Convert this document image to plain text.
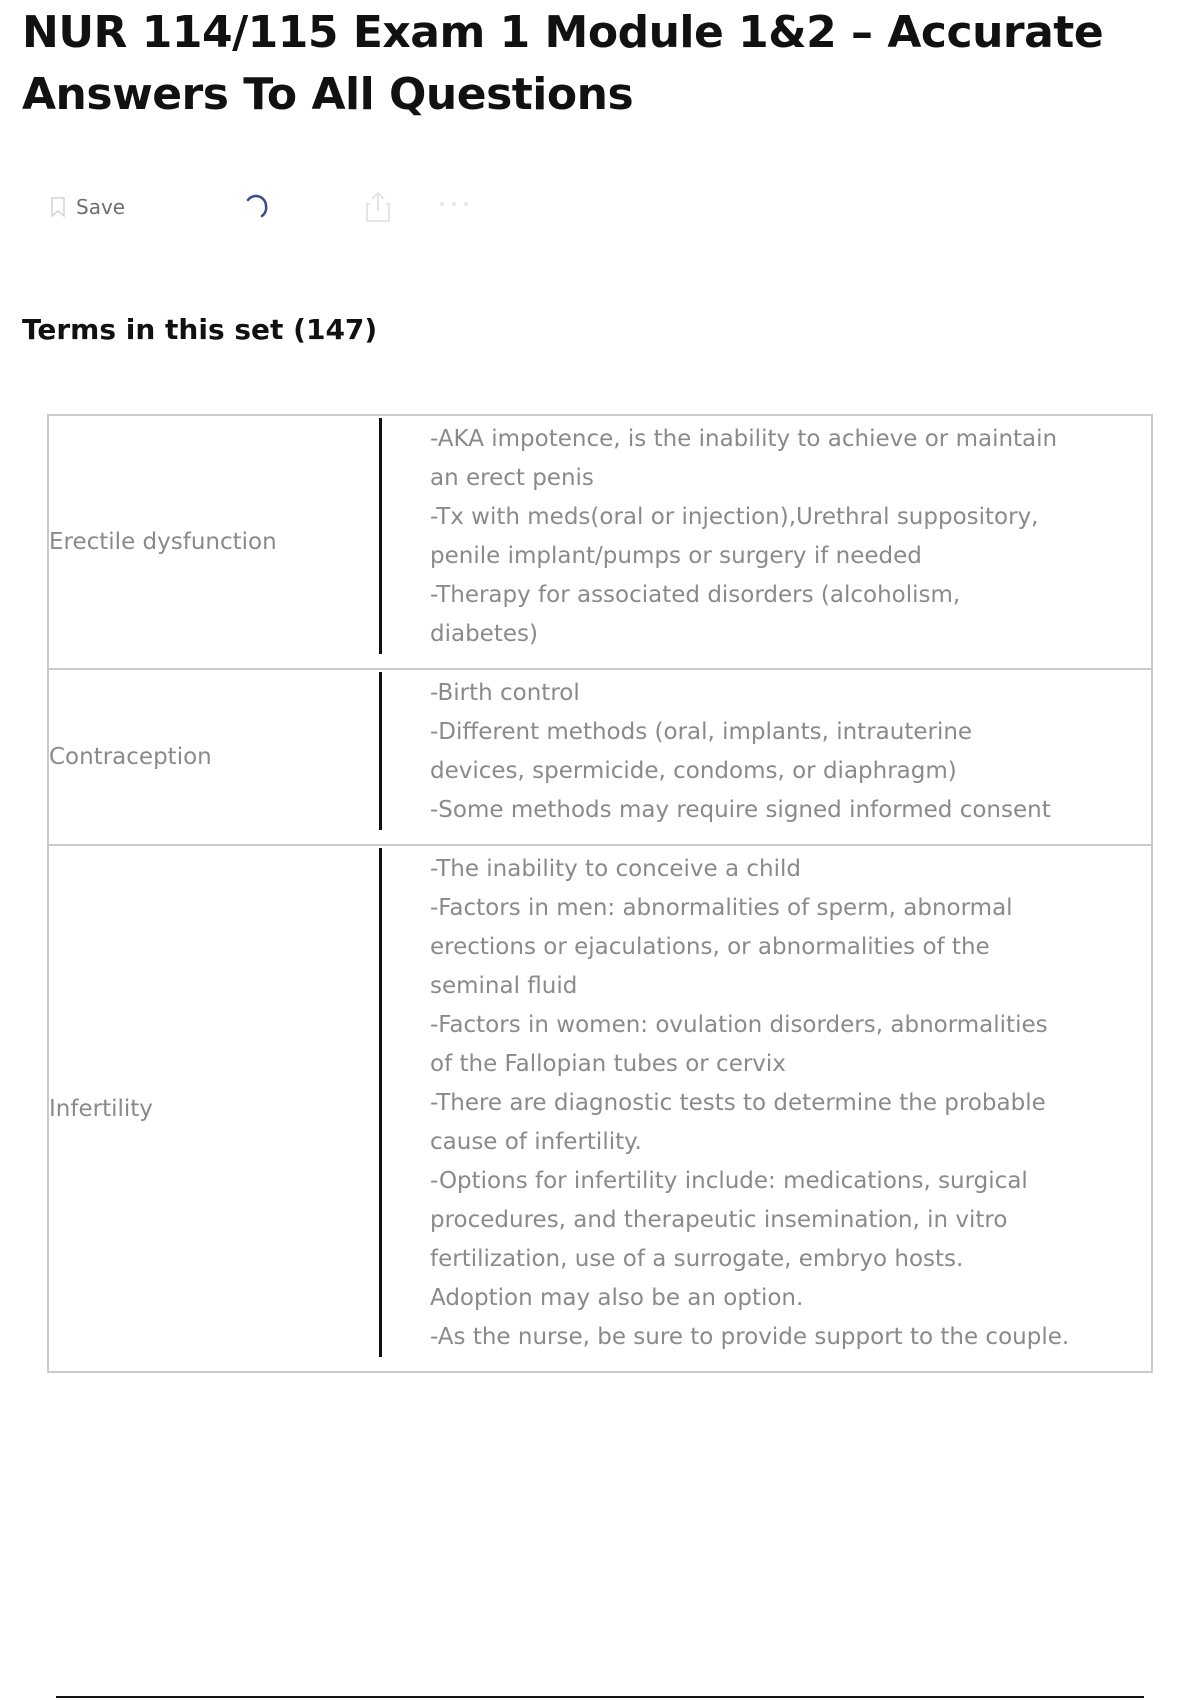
NUR 114/115 Exam 1 Module 1&2 – Accurate Answers To All Questions
Save
Terms in this set (147)
Erectile dysfunction
-AKA impotence, is the inability to achieve or maintain an erect penis
-Tx with meds(oral or injection),Urethral suppository, penile implant/pumps or surgery if needed
-Therapy for associated disorders (alcoholism, diabetes)
Contraception
-Birth control
-Different methods (oral, implants, intrauterine devices, spermicide, condoms, or diaphragm)
-Some methods may require signed informed consent
Infertility
-The inability to conceive a child
-Factors in men: abnormalities of sperm, abnormal erections or ejaculations, or abnormalities of the seminal fluid
-Factors in women: ovulation disorders, abnormalities of the Fallopian tubes or cervix
-There are diagnostic tests to determine the probable cause of infertility.
-Options for infertility include: medications, surgical procedures, and therapeutic insemination, in vitro fertilization, use of a surrogate, embryo hosts. Adoption may also be an option.
-As the nurse, be sure to provide support to the couple.
